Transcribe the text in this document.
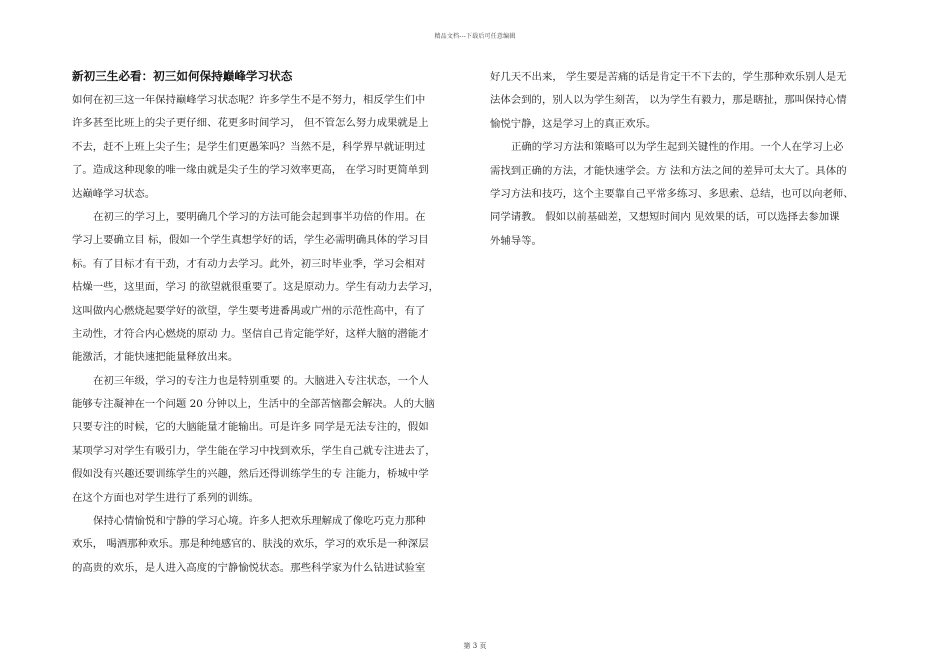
精品文档---下载后可任意编辑
新初三生必看：初三如何保持巅峰学习状态
如何在初三这一年保持巅峰学习状态呢？许多学生不是不努力，相反学生们中
许多甚至比班上的尖子更仔细、花更多时间学习， 但不管怎么努力成果就是上
不去，赶不上班上尖子生；是学生们更愚笨吗？当然不是，科学界早就证明过
了。造成这种现象的唯一缘由就是尖子生的学习效率更高， 在学习时更简单到
达巅峰学习状态。
在初三的学习上，要明确几个学习的方法可能会起到事半功倍的作用。在
学习上要确立目 标，假如一个学生真想学好的话，学生必需明确具体的学习目
标。有了目标才有干劲，才有动力去学习。此外，初三时毕业季，学习会相对
枯燥一些，这里面，学习 的欲望就很重要了。这是原动力。学生有动力去学习，
这叫做内心燃烧起要学好的欲望，学生要考进番禺或广州的示范性高中，有了
主动性，才符合内心燃烧的原动 力。坚信自己肯定能学好，这样大脑的潜能才
能激活，才能快速把能量释放出来。
在初三年级，学习的专注力也是特别重要 的。大脑进入专注状态，一个人
能够专注凝神在一个问题 20 分钟以上，生活中的全部苦恼都会解决。人的大脑
只要专注的时候，它的大脑能量才能输出。可是许多 同学是无法专注的，假如
某项学习对学生有吸引力，学生能在学习中找到欢乐，学生自己就专注进去了，
假如没有兴趣还要训练学生的兴趣，然后还得训练学生的专 注能力，桥城中学
在这个方面也对学生进行了系列的训练。
保持心情愉悦和宁静的学习心境。许多人把欢乐理解成了像吃巧克力那种
欢乐， 喝酒那种欢乐。那是种纯感官的、肤浅的欢乐，学习的欢乐是一种深层
的高贵的欢乐，是人进入高度的宁静愉悦状态。那些科学家为什么钻进试验室
好几天不出来， 学生要是苦痛的话是肯定干不下去的，学生那种欢乐别人是无
法体会到的，别人以为学生刻苦， 以为学生有毅力，那是瞎扯，那叫保持心情
愉悦宁静，这是学习上的真正欢乐。
正确的学习方法和策略可以为学生起到关键性的作用。一个人在学习上必
需找到正确的方法，才能快速学会。方 法和方法之间的差异可太大了。具体的
学习方法和技巧，这个主要靠自己平常多练习、多思索、总结，也可以向老师、
同学请教。 假如以前基础差，又想短时间内 见效果的话，可以选择去参加课
外辅导等。
第 3 页
